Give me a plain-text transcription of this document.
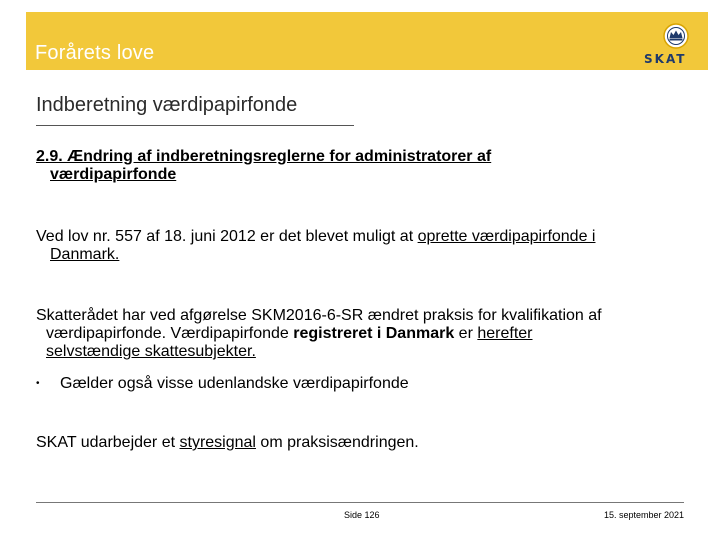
Forårets love	SKAT
Indberetning værdipapirfonde
2.9. Ændring af indberetningsreglerne for administratorer af
værdipapirfonde
Ved lov nr. 557 af 18. juni 2012 er det blevet muligt at oprette værdipapirfonde i
Danmark.
Skatterådet har ved afgørelse SKM2016‑6‑SR ændret praksis for kvalifikation af
værdipapirfonde. Værdipapirfonde registreret i Danmark er herefter
selvstændige skattesubjekter.
• Gælder også visse udenlandske værdipapirfonde
SKAT udarbejder et styresignal om praksisændringen.
Side 126	15. september 2021
